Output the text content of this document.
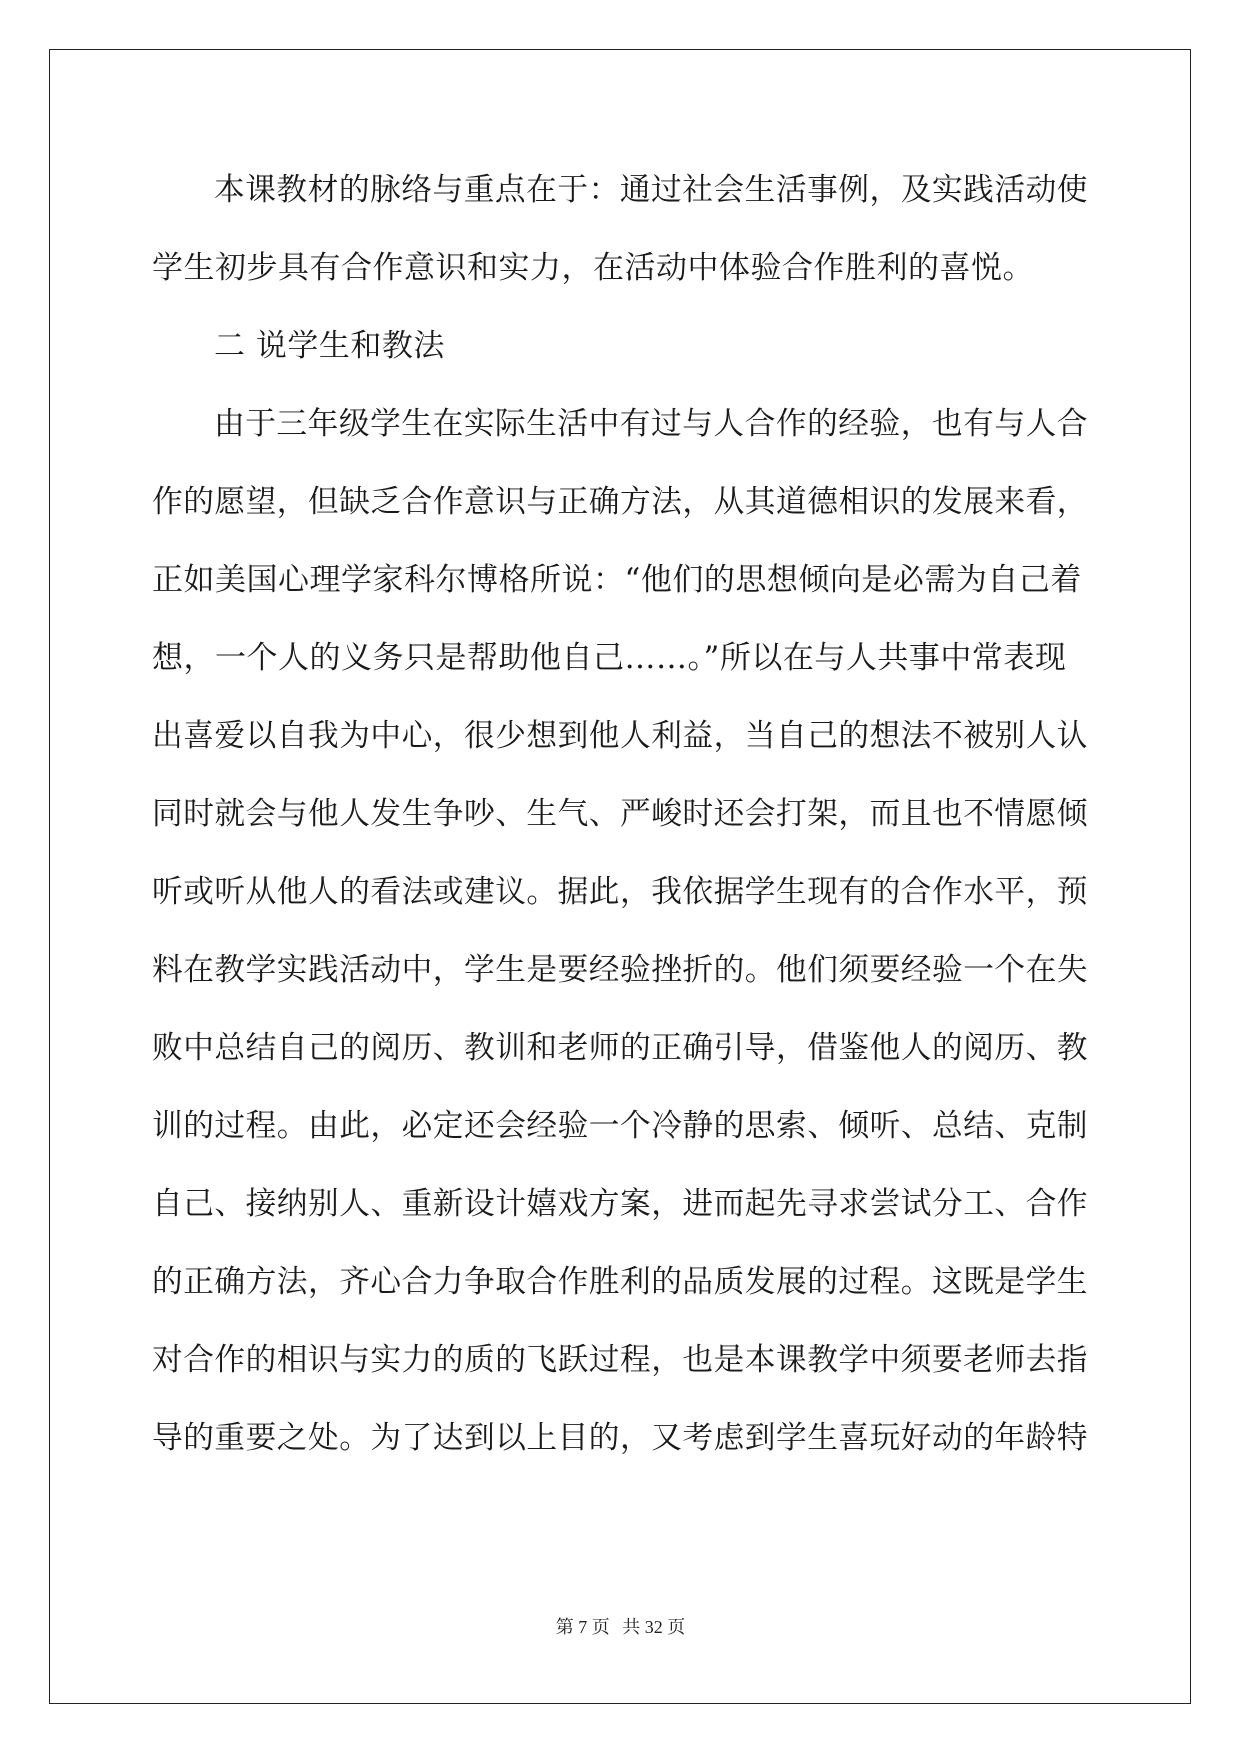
本课教材的脉络与重点在于：通过社会生活事例，及实践活动使
学生初步具有合作意识和实力，在活动中体验合作胜利的喜悦。
二 说学生和教法
由于三年级学生在实际生活中有过与人合作的经验，也有与人合
作的愿望，但缺乏合作意识与正确方法，从其道德相识的发展来看，
正如美国心理学家科尔博格所说：“他们的思想倾向是必需为自己着
想，一个人的义务只是帮助他自己……。”所以在与人共事中常表现
出喜爱以自我为中心，很少想到他人利益，当自己的想法不被别人认
同时就会与他人发生争吵、生气、严峻时还会打架，而且也不情愿倾
听或听从他人的看法或建议。据此，我依据学生现有的合作水平，预
料在教学实践活动中，学生是要经验挫折的。他们须要经验一个在失
败中总结自己的阅历、教训和老师的正确引导，借鉴他人的阅历、教
训的过程。由此，必定还会经验一个冷静的思索、倾听、总结、克制
自己、接纳别人、重新设计嬉戏方案，进而起先寻求尝试分工、合作
的正确方法，齐心合力争取合作胜利的品质发展的过程。这既是学生
对合作的相识与实力的质的飞跃过程，也是本课教学中须要老师去指
导的重要之处。为了达到以上目的，又考虑到学生喜玩好动的年龄特
第 7 页 共 32 页
